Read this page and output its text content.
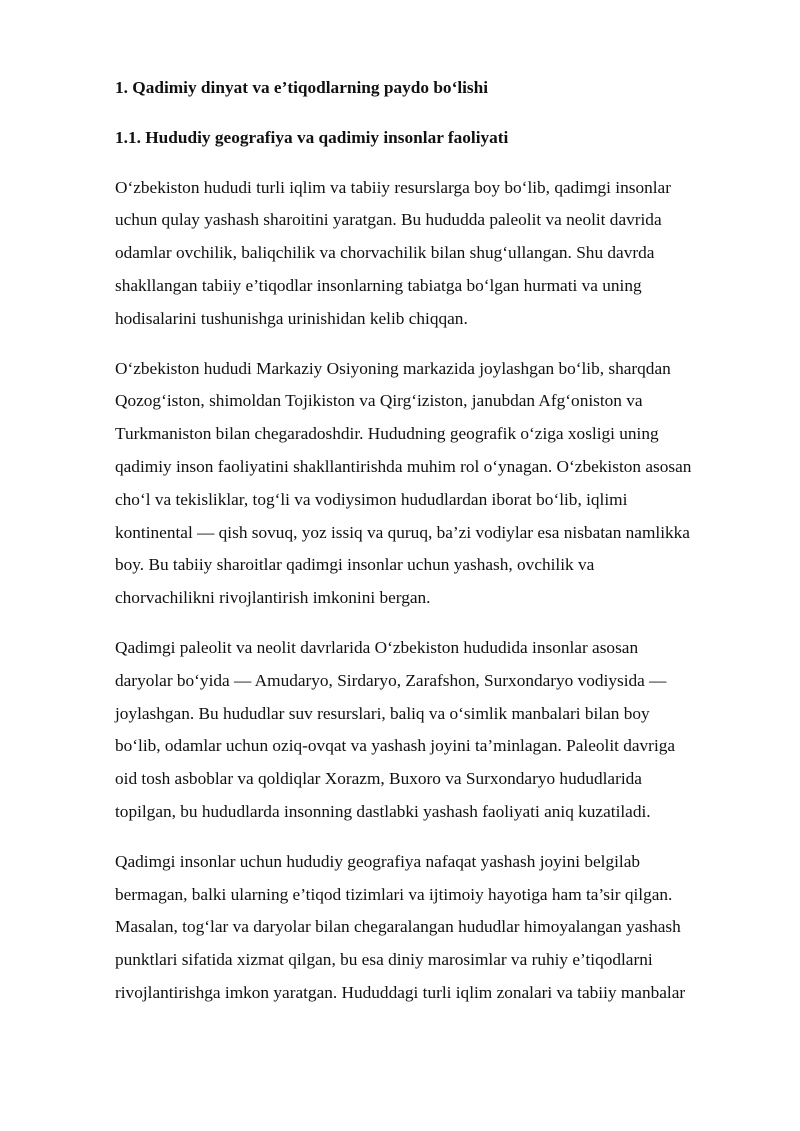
1. Qadimiy dinyat va e’tiqodlarning paydo bo‘lishi
1.1. Hududiy geografiya va qadimiy insonlar faoliyati

O‘zbekiston hududi turli iqlim va tabiiy resurslarga boy bo‘lib, qadimgi insonlar
uchun qulay yashash sharoitini yaratgan. Bu hududda paleolit va neolit davrida
odamlar ovchilik, baliqchilik va chorvachilik bilan shug‘ullangan. Shu davrda
shakllangan tabiiy e’tiqodlar insonlarning tabiatga bo‘lgan hurmati va uning
hodisalarini tushunishga urinishidan kelib chiqqan.

O‘zbekiston hududi Markaziy Osiyoning markazida joylashgan bo‘lib, sharqdan
Qozog‘iston, shimoldan Tojikiston va Qirg‘iziston, janubdan Afg‘oniston va
Turkmaniston bilan chegaradoshdir. Hududning geografik o‘ziga xosligi uning
qadimiy inson faoliyatini shakllantirishda muhim rol o‘ynagan. O‘zbekiston asosan
cho‘l va tekisliklar, tog‘li va vodiysimon hududlardan iborat bo‘lib, iqlimi
kontinental — qish sovuq, yoz issiq va quruq, ba’zi vodiylar esa nisbatan namlikka
boy. Bu tabiiy sharoitlar qadimgi insonlar uchun yashash, ovchilik va
chorvachilikni rivojlantirish imkonini bergan.

Qadimgi paleolit va neolit davrlarida O‘zbekiston hududida insonlar asosan
daryolar bo‘yida — Amudaryo, Sirdaryo, Zarafshon, Surxondaryo vodiysida —
joylashgan. Bu hududlar suv resurslari, baliq va o‘simlik manbalari bilan boy
bo‘lib, odamlar uchun oziq-ovqat va yashash joyini ta’minlagan. Paleolit davriga
oid tosh asboblar va qoldiqlar Xorazm, Buxoro va Surxondaryo hududlarida
topilgan, bu hududlarda insonning dastlabki yashash faoliyati aniq kuzatiladi.

Qadimgi insonlar uchun hududiy geografiya nafaqat yashash joyini belgilab
bermagan, balki ularning e’tiqod tizimlari va ijtimoiy hayotiga ham ta’sir qilgan.
Masalan, tog‘lar va daryolar bilan chegaralangan hududlar himoyalangan yashash
punktlari sifatida xizmat qilgan, bu esa diniy marosimlar va ruhiy e’tiqodlarni
rivojlantirishga imkon yaratgan. Hududdagi turli iqlim zonalari va tabiiy manbalar
